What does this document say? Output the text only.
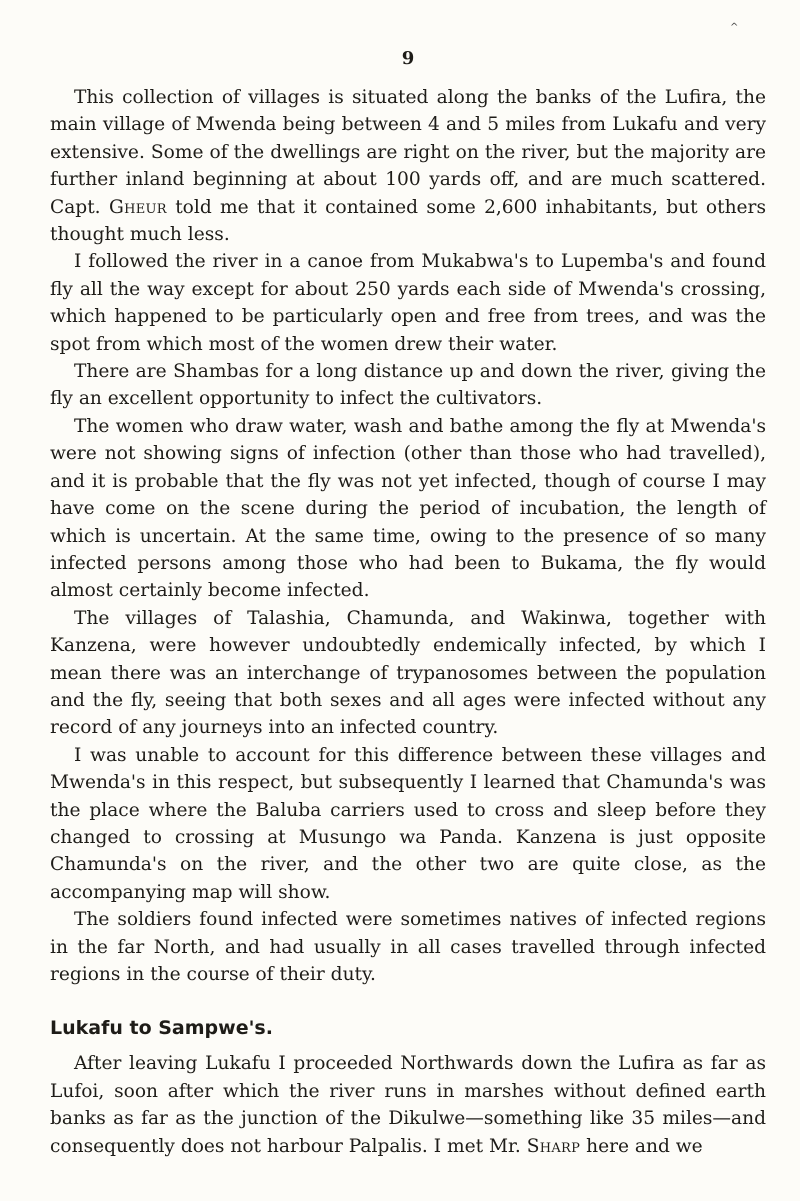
^
9

This collection of villages is situated along the banks of the Lufira, the main village of Mwenda being between 4 and 5 miles from Lukafu and very extensive. Some of the dwellings are right on the river, but the majority are further inland beginning at about 100 yards off, and are much scattered. Capt. Gheur told me that it contained some 2,600 inhabitants, but others thought much less.

I followed the river in a canoe from Mukabwa's to Lupemba's and found fly all the way except for about 250 yards each side of Mwenda's crossing, which happened to be particularly open and free from trees, and was the spot from which most of the women drew their water.

There are Shambas for a long distance up and down the river, giving the fly an excellent opportunity to infect the cultivators.

The women who draw water, wash and bathe among the fly at Mwenda's were not showing signs of infection (other than those who had travelled), and it is probable that the fly was not yet infected, though of course I may have come on the scene during the period of incubation, the length of which is uncertain. At the same time, owing to the presence of so many infected persons among those who had been to Bukama, the fly would almost certainly become infected.

The villages of Talashia, Chamunda, and Wakinwa, together with Kanzena, were however undoubtedly endemically infected, by which I mean there was an interchange of trypanosomes between the population and the fly, seeing that both sexes and all ages were infected without any record of any journeys into an infected country.

I was unable to account for this difference between these villages and Mwenda's in this respect, but subsequently I learned that Chamunda's was the place where the Baluba carriers used to cross and sleep before they changed to crossing at Musungo wa Panda. Kanzena is just opposite Chamunda's on the river, and the other two are quite close, as the accompanying map will show.

The soldiers found infected were sometimes natives of infected regions in the far North, and had usually in all cases travelled through infected regions in the course of their duty.

Lukafu to Sampwe's.

After leaving Lukafu I proceeded Northwards down the Lufira as far as Lufoi, soon after which the river runs in marshes without defined earth banks as far as the junction of the Dikulwe—something like 35 miles—and consequently does not harbour Palpalis. I met Mr. Sharp here and we
